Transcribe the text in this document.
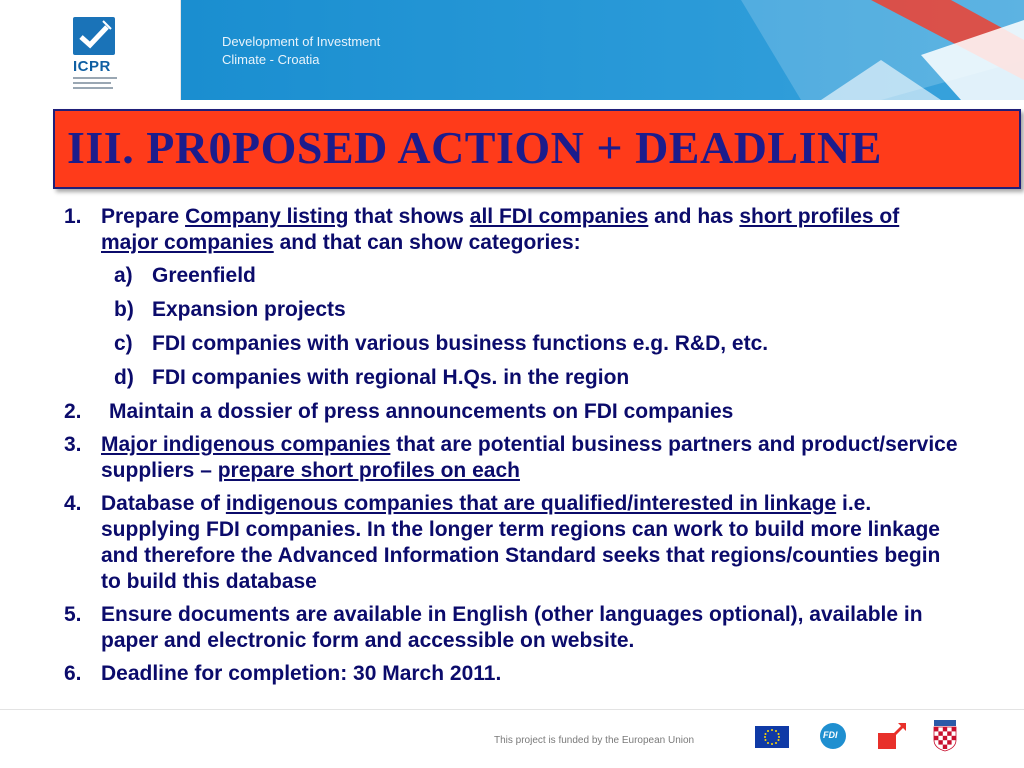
ICPR
Development of Investment
Climate - Croatia
III. PR0POSED ACTION + DEADLINE
1. Prepare Company listing that shows all FDI companies and has short profiles of major companies and that can show categories:
a) Greenfield
b) Expansion projects
c) FDI companies with various business functions e.g. R&D, etc.
d) FDI companies with regional H.Qs. in the region
2. Maintain a dossier of press announcements on FDI companies
3. Major indigenous companies that are potential business partners and product/service suppliers – prepare short profiles on each
4. Database of indigenous companies that are qualified/interested in linkage i.e. supplying FDI companies. In the longer term regions can work to build more linkage and therefore the Advanced Information Standard seeks that regions/counties begin to build this database
5. Ensure documents are available in English (other languages optional), available in paper and electronic form and accessible on website.
6. Deadline for completion: 30 March 2011.
This project is funded by the European Union	FDI
